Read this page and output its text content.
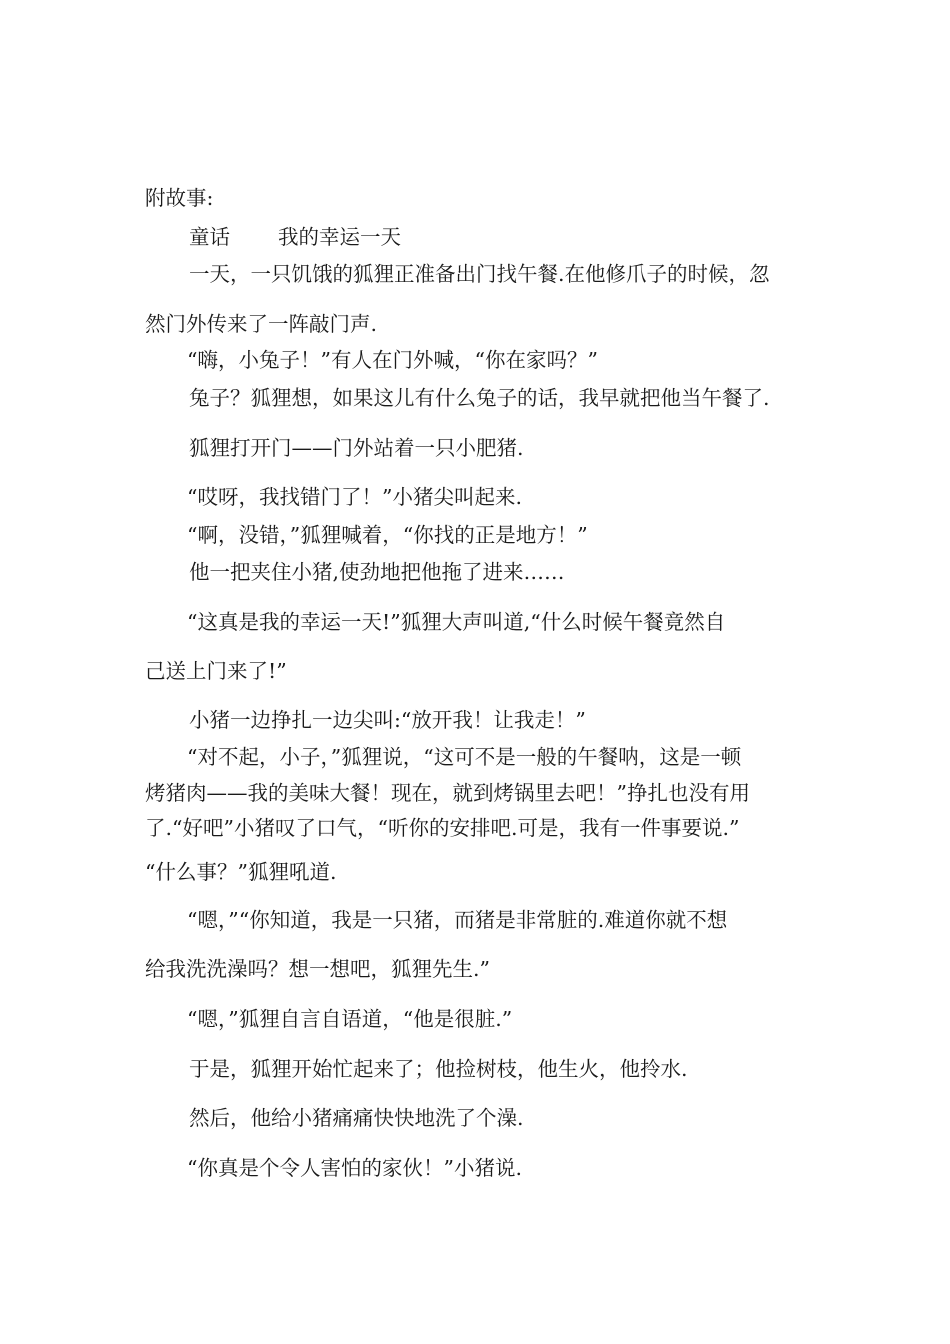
附故事:

童话 我的幸运一天

一天，一只饥饿的狐狸正准备出门找午餐.在他修爪子的时候，忽

然门外传来了一阵敲门声.

“嗨，小兔子！”有人在门外喊，“你在家吗？”

兔子？狐狸想，如果这儿有什么兔子的话，我早就把他当午餐了.

狐狸打开门——门外站着一只小肥猪.

“哎呀，我找错门了！”小猪尖叫起来.

“啊，没错，”狐狸喊着，“你找的正是地方！”

他一把夹住小猪,使劲地把他拖了进来……

“这真是我的幸运一天!”狐狸大声叫道,“什么时候午餐竟然自

己送上门来了!”

小猪一边挣扎一边尖叫:“放开我！让我走！”

“对不起，小子，”狐狸说，“这可不是一般的午餐呐，这是一顿

烤猪肉——我的美味大餐！现在，就到烤锅里去吧！”挣扎也没有用

了.“好吧”小猪叹了口气，“听你的安排吧.可是，我有一件事要说.”

“什么事？”狐狸吼道.

“嗯，”“你知道，我是一只猪，而猪是非常脏的.难道你就不想

给我洗洗澡吗？想一想吧，狐狸先生.”

“嗯，”狐狸自言自语道，“他是很脏.”

于是，狐狸开始忙起来了；他捡树枝，他生火，他拎水.

然后，他给小猪痛痛快快地洗了个澡.

“你真是个令人害怕的家伙！”小猪说.
